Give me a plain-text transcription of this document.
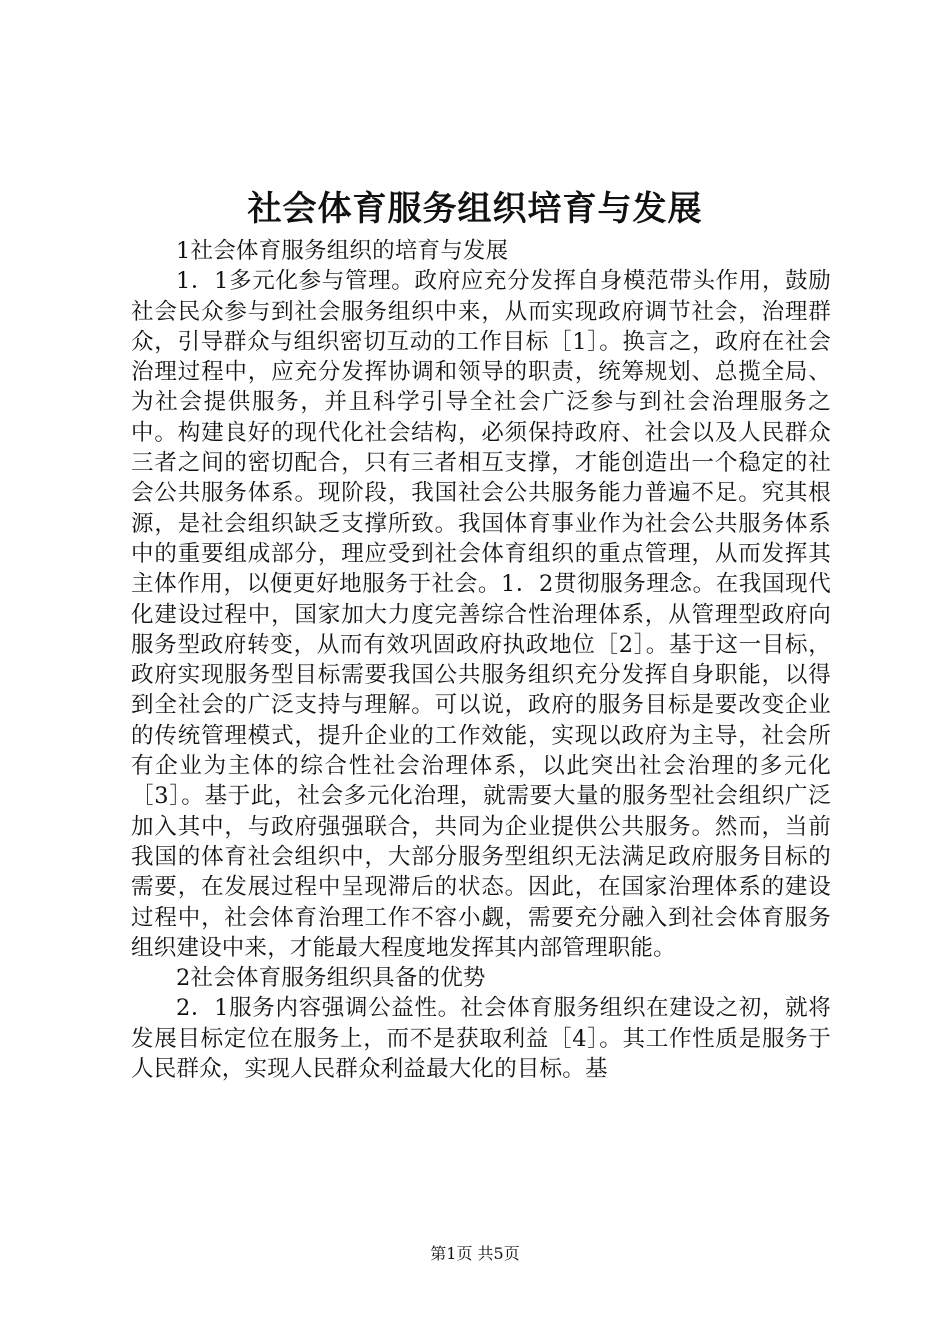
社会体育服务组织培育与发展

1社会体育服务组织的培育与发展

1．1多元化参与管理。政府应充分发挥自身模范带头作用，鼓励社会民众参与到社会服务组织中来，从而实现政府调节社会，治理群众，引导群众与组织密切互动的工作目标［1］。换言之，政府在社会治理过程中，应充分发挥协调和领导的职责，统筹规划、总揽全局、为社会提供服务，并且科学引导全社会广泛参与到社会治理服务之中。构建良好的现代化社会结构，必须保持政府、社会以及人民群众三者之间的密切配合，只有三者相互支撑，才能创造出一个稳定的社会公共服务体系。现阶段，我国社会公共服务能力普遍不足。究其根源，是社会组织缺乏支撑所致。我国体育事业作为社会公共服务体系中的重要组成部分，理应受到社会体育组织的重点管理，从而发挥其主体作用，以便更好地服务于社会。1．2贯彻服务理念。在我国现代化建设过程中，国家加大力度完善综合性治理体系，从管理型政府向服务型政府转变，从而有效巩固政府执政地位［2］。基于这一目标，政府实现服务型目标需要我国公共服务组织充分发挥自身职能，以得到全社会的广泛支持与理解。可以说，政府的服务目标是要改变企业的传统管理模式，提升企业的工作效能，实现以政府为主导，社会所有企业为主体的综合性社会治理体系，以此突出社会治理的多元化［3］。基于此，社会多元化治理，就需要大量的服务型社会组织广泛加入其中，与政府强强联合，共同为企业提供公共服务。然而，当前我国的体育社会组织中，大部分服务型组织无法满足政府服务目标的需要，在发展过程中呈现滞后的状态。因此，在国家治理体系的建设过程中，社会体育治理工作不容小觑，需要充分融入到社会体育服务组织建设中来，才能最大程度地发挥其内部管理职能。

2社会体育服务组织具备的优势

2．1服务内容强调公益性。社会体育服务组织在建设之初，就将发展目标定位在服务上，而不是获取利益［4］。其工作性质是服务于人民群众，实现人民群众利益最大化的目标。基

第1页 共5页
